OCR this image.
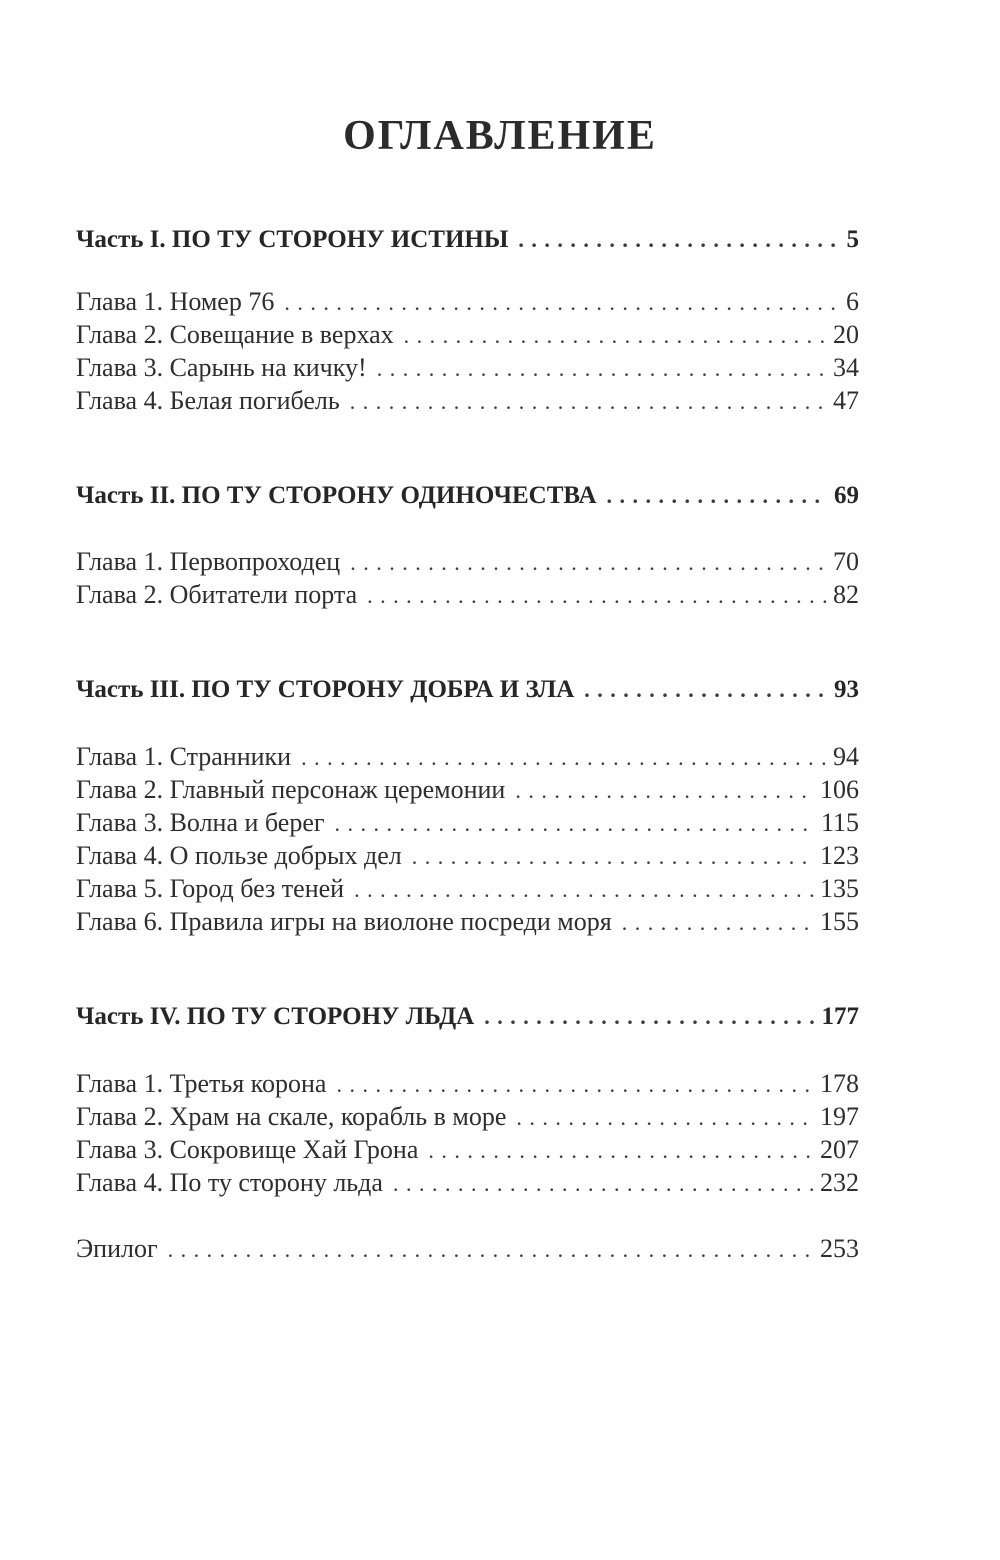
ОГЛАВЛЕНИЕ
Часть I. ПО ТУ СТОРОНУ ИСТИНЫ . . .	5
Глава 1. Номер 76 . . .	6
Глава 2. Совещание в верхах . . .	20
Глава 3. Сарынь на кичку! . . .	34
Глава 4. Белая погибель . . .	47
Часть II. ПО ТУ СТОРОНУ ОДИНОЧЕСТВА . . .	69
Глава 1. Первопроходец . . .	70
Глава 2. Обитатели порта . . .	82
Часть III. ПО ТУ СТОРОНУ ДОБРА И ЗЛА . . .	93
Глава 1. Странники . . .	94
Глава 2. Главный персонаж церемонии . . .	106
Глава 3. Волна и берег . . .	115
Глава 4. О пользе добрых дел . . .	123
Глава 5. Город без теней . . .	135
Глава 6. Правила игры на виолоне посреди моря . . .	155
Часть IV. ПО ТУ СТОРОНУ ЛЬДА . . .	177
Глава 1. Третья корона . . .	178
Глава 2. Храм на скале, корабль в море . . .	197
Глава 3. Сокровище Хай Грона . . .	207
Глава 4. По ту сторону льда . . .	232
Эпилог . . .	253
